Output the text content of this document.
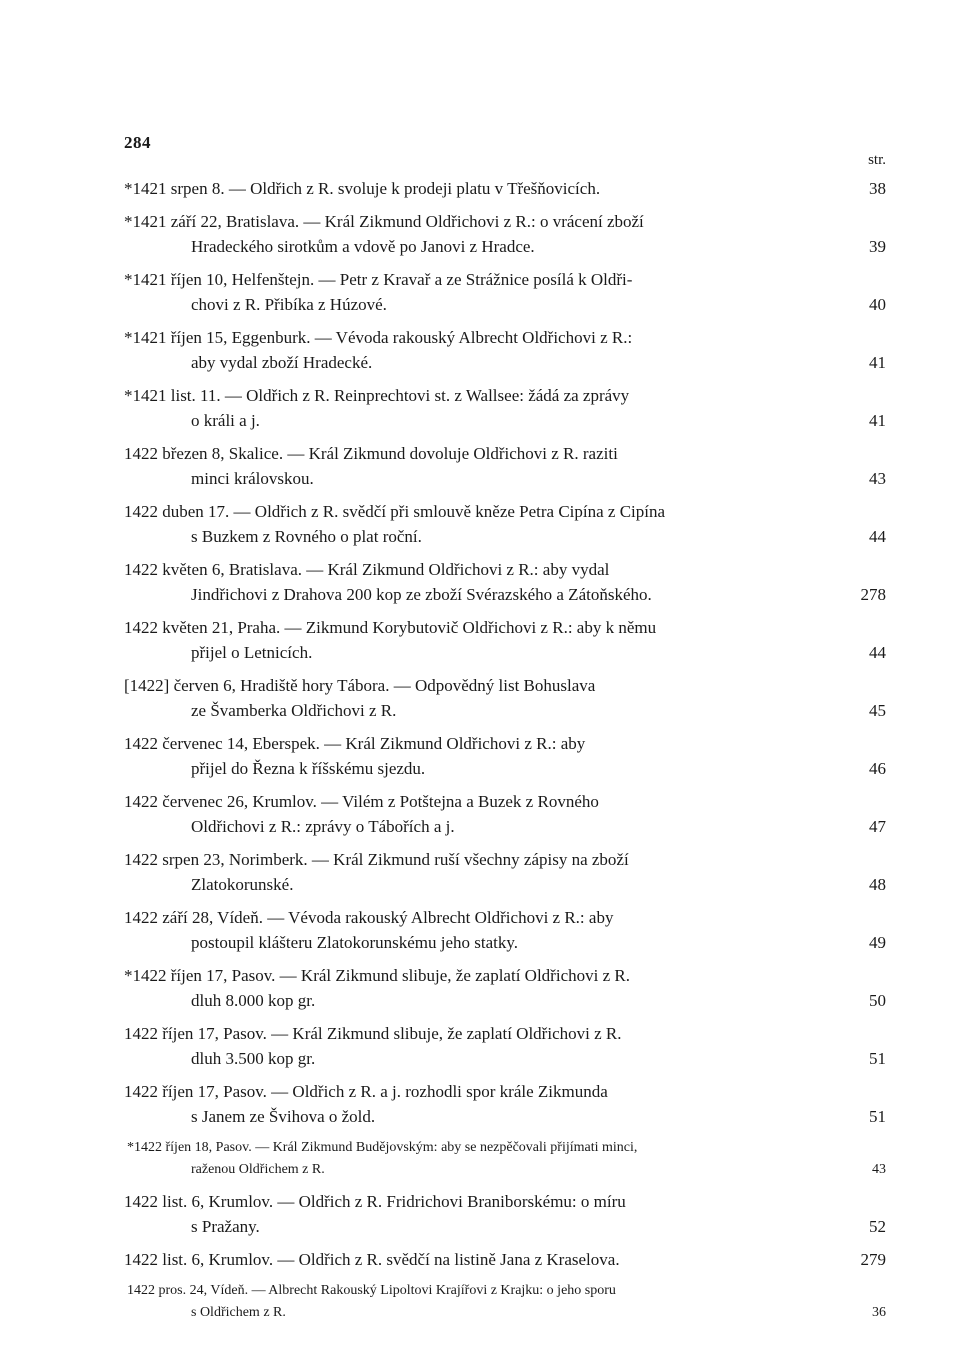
284
str.
*1421 srpen 8. — Oldřich z R. svoluje k prodeji platu v Třešňovicích.	38
*1421 září 22, Bratislava. — Král Zikmund Oldřichovi z R.: o vrácení zboží
Hradeckého sirotkům a vdově po Janovi z Hradce.	39
*1421 říjen 10, Helfenštejn. — Petr z Kravař a ze Strážnice posílá k Oldři-
chovi z R. Přibíka z Húzové.	40
*1421 říjen 15, Eggenburk. — Vévoda rakouský Albrecht Oldřichovi z R.:
aby vydal zboží Hradecké.	41
*1421 list. 11. — Oldřich z R. Reinprechtovi st. z Wallsee: žádá za zprávy
o králi a j.	41
1422 březen 8, Skalice. — Král Zikmund dovoluje Oldřichovi z R. raziti
minci královskou.	43
1422 duben 17. — Oldřich z R. svědčí při smlouvě kněze Petra Cipína z Cipína
s Buzkem z Rovného o plat roční.	44
1422 květen 6, Bratislava. — Král Zikmund Oldřichovi z R.: aby vydal
Jindřichovi z Drahova 200 kop ze zboží Svérazského a Zátoňského.	278
1422 květen 21, Praha. — Zikmund Korybutovič Oldřichovi z R.: aby k němu
přijel o Letnicích.	44
[1422] červen 6, Hradiště hory Tábora. — Odpovědný list Bohuslava
ze Švamberka Oldřichovi z R.	45
1422 červenec 14, Eberspek. — Král Zikmund Oldřichovi z R.: aby
přijel do Řezna k říšskému sjezdu.	46
1422 červenec 26, Krumlov. — Vilém z Potštejna a Buzek z Rovného
Oldřichovi z R.: zprávy o Tábořích a j.	47
1422 srpen 23, Norimberk. — Král Zikmund ruší všechny zápisy na zboží
Zlatokorunské.	48
1422 září 28, Vídeň. — Vévoda rakouský Albrecht Oldřichovi z R.: aby
postoupil klášteru Zlatokorunskému jeho statky.	49
*1422 říjen 17, Pasov. — Král Zikmund slibuje, že zaplatí Oldřichovi z R.
dluh 8.000 kop gr.	50
1422 říjen 17, Pasov. — Král Zikmund slibuje, že zaplatí Oldřichovi z R.
dluh 3.500 kop gr.	51
1422 říjen 17, Pasov. — Oldřich z R. a j. rozhodli spor krále Zikmunda
s Janem ze Švihova o žold.	51
*1422 říjen 18, Pasov. — Král Zikmund Budějovským: aby se nezpěčovali přijímati minci,
raženou Oldřichem z R.	43
1422 list. 6, Krumlov. — Oldřich z R. Fridrichovi Braniborskému: o míru
s Pražany.	52
1422 list. 6, Krumlov. — Oldřich z R. svědčí na listině Jana z Kraselova.	279
1422 pros. 24, Vídeň. — Albrecht Rakouský Lipoltovi Krajířovi z Krajku: o jeho sporu
s Oldřichem z R.	36
